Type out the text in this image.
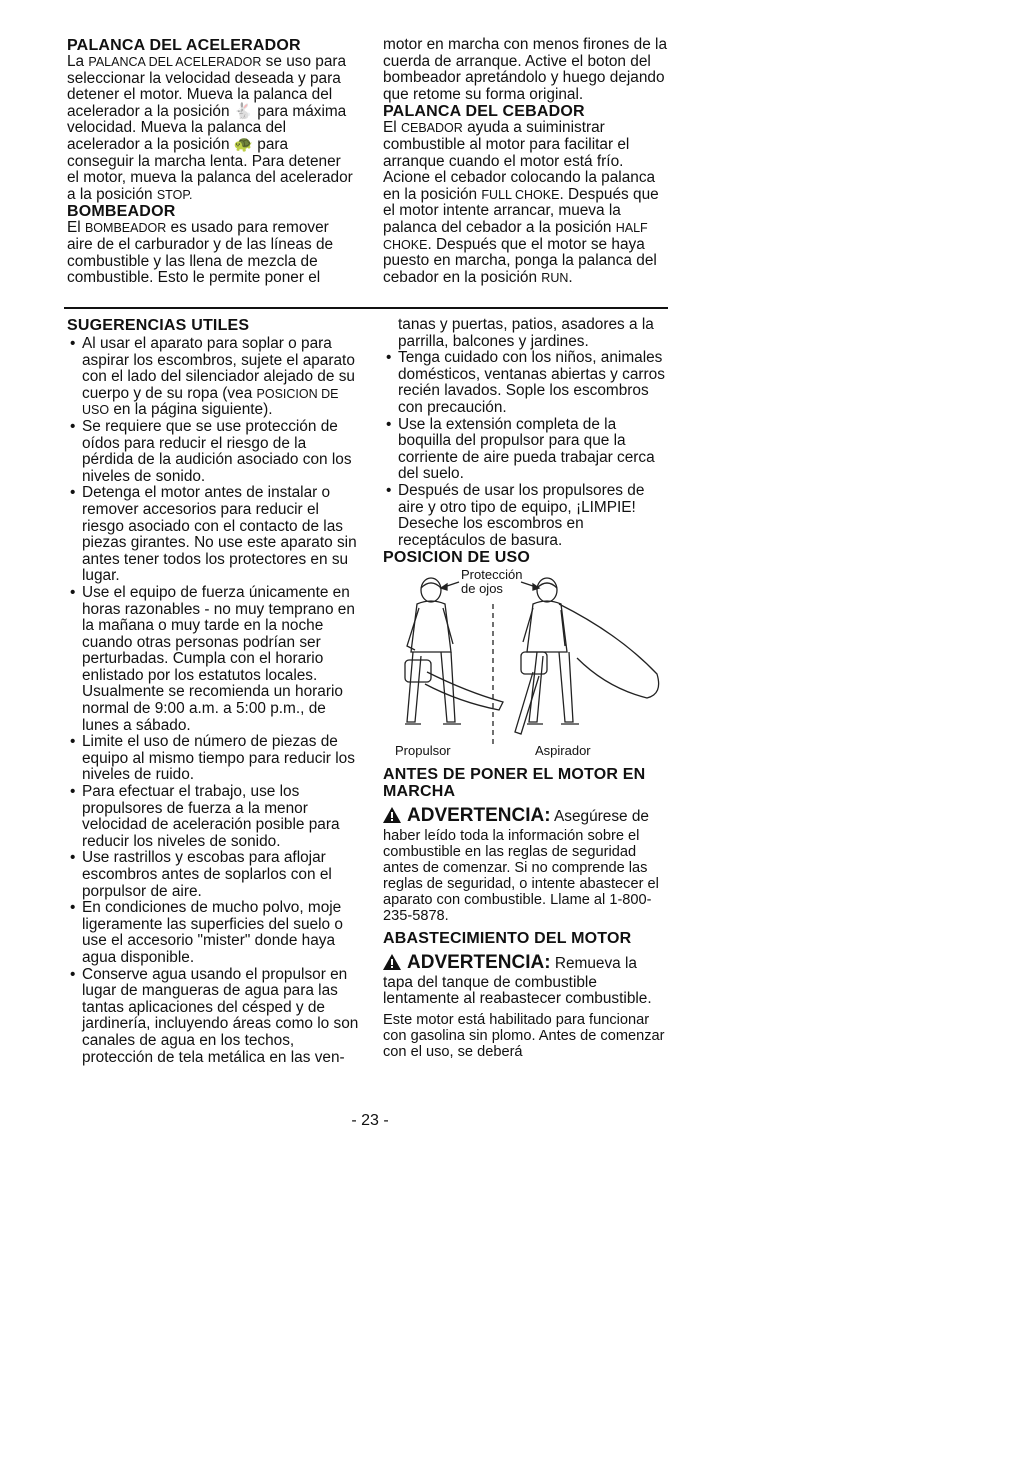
PALANCA DEL ACELERADOR

La PALANCA DEL ACELERADOR se uso para seleccionar la velocidad deseada y para detener el motor. Mueva la palanca del acelerador a la posición 🐇 para máxima velocidad. Mueva la palanca del acelerador a la posición 🐢 para conseguir la marcha lenta. Para detener el motor, mueva la palanca del acelerador a la posición STOP.

BOMBEADOR

El BOMBEADOR es usado para remover aire de el carburador y de las líneas de combustible y las llena de mezcla de combustible. Esto le permite poner el

motor en marcha con menos firones de la cuerda de arranque. Active el boton del bombeador apretándolo y huego dejando que retome su forma original.

PALANCA DEL CEBADOR

El CEBADOR ayuda a suiministrar combustible al motor para facilitar el arranque cuando el motor está frío. Acione el cebador colocando la palanca en la posición FULL CHOKE. Después que el motor intente arrancar, mueva la palanca del cebador a la posición HALF CHOKE. Después que el motor se haya puesto en marcha, ponga la palanca del cebador en la posición RUN.

SUGERENCIAS UTILES
• Al usar el aparato para soplar o para aspirar los escombros, sujete el aparato con el lado del silenciador alejado de su cuerpo y de su ropa (vea POSICION DE USO en la página siguiente).
• Se requiere que se use protección de oídos para reducir el riesgo de la pérdida de la audición asociado con los niveles de sonido.
• Detenga el motor antes de instalar o remover accesorios para reducir el riesgo asociado con el contacto de las piezas girantes. No use este aparato sin antes tener todos los protectores en su lugar.
• Use el equipo de fuerza únicamente en horas razonables - no muy temprano en la mañana o muy tarde en la noche cuando otras personas podrían ser perturbadas. Cumpla con el horario enlistado por los estatutos locales. Usualmente se recomienda un horario normal de 9:00 a.m. a 5:00 p.m., de lunes a sábado.
• Limite el uso de número de piezas de equipo al mismo tiempo para reducir los niveles de ruido.
• Para efectuar el trabajo, use los propulsores de fuerza a la menor velocidad de aceleración posible para reducir los niveles de sonido.
• Use rastrillos y escobas para aflojar escombros antes de soplarlos con el porpulsor de aire.
• En condiciones de mucho polvo, moje ligeramente las superficies del suelo o use el accesorio "mister" donde haya agua disponible.
• Conserve agua usando el propulsor en lugar de mangueras de agua para las tantas aplicaciones del césped y de jardinería, incluyendo áreas como lo son canales de agua en los techos, protección de tela metálica en las ven-

tanas y puertas, patios, asadores a la parrilla, balcones y jardines.

• Tenga cuidado con los niños, animales domésticos, ventanas abiertas y carros recién lavados. Sople los escombros con precaución.
• Use la extensión completa de la boquilla del propulsor para que la corriente de aire pueda trabajar cerca del suelo.
• Después de usar los propulsores de aire y otro tipo de equipo, ¡LIMPIE! Deseche los escombros en receptáculos de basura.
POSICION DE USO
Protección
de ojos
Propulsor	Aspirador
ANTES DE PONER EL MOTOR EN MARCHA
ADVERTENCIA: Asegúrese de

haber leído toda la información sobre el combustible en las reglas de seguridad antes de comenzar. Si no comprende las reglas de seguridad, o intente abastecer el aparato con combustible. Llame al 1-800-235-5878.

ABASTECIMIENTO DEL MOTOR
ADVERTENCIA: Remueva la

tapa del tanque de combustible lentamente al reabastecer combustible.

Este motor está habilitado para funcionar con gasolina sin plomo. Antes de comenzar con el uso, se deberá

- 23 -
